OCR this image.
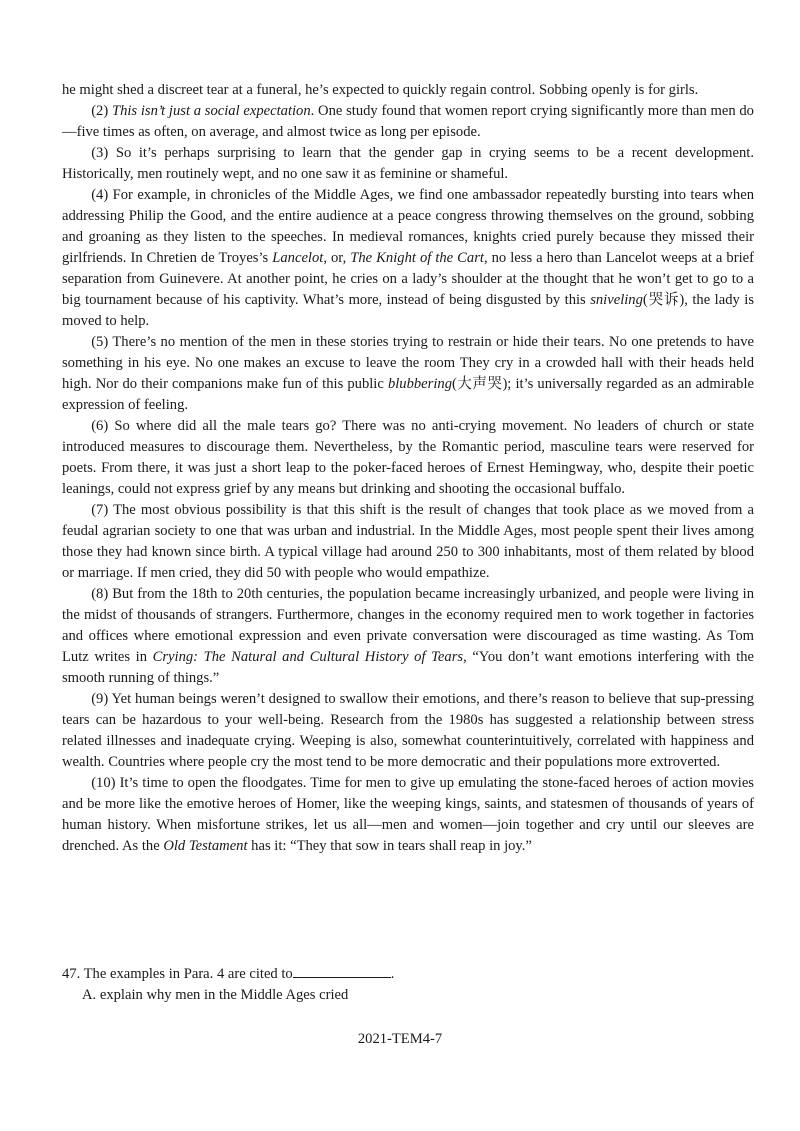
he might shed a discreet tear at a funeral, he’s expected to quickly regain control. Sobbing openly is for girls.

(2) This isn’t just a social expectation. One study found that women report crying significantly more than men do—five times as often, on average, and almost twice as long per episode.

(3) So it’s perhaps surprising to learn that the gender gap in crying seems to be a recent development. Historically, men routinely wept, and no one saw it as feminine or shameful.

(4) For example, in chronicles of the Middle Ages, we find one ambassador repeatedly bursting into tears when addressing Philip the Good, and the entire audience at a peace congress throwing themselves on the ground, sobbing and groaning as they listen to the speeches. In medieval romances, knights cried purely because they missed their girlfriends. In Chretien de Troyes’s Lancelot, or, The Knight of the Cart, no less a hero than Lancelot weeps at a brief separation from Guinevere. At another point, he cries on a lady’s shoulder at the thought that he won’t get to go to a big tournament because of his captivity. What’s more, instead of being disgusted by this sniveling(哭诉), the lady is moved to help.

(5) There’s no mention of the men in these stories trying to restrain or hide their tears. No one pretends to have something in his eye. No one makes an excuse to leave the room They cry in a crowded hall with their heads held high. Nor do their companions make fun of this public blubbering(大声哭); it’s universally regarded as an admirable expression of feeling.

(6) So where did all the male tears go? There was no anti-crying movement. No leaders of church or state introduced measures to discourage them. Nevertheless, by the Romantic period, masculine tears were reserved for poets. From there, it was just a short leap to the poker-faced heroes of Ernest Hemingway, who, despite their poetic leanings, could not express grief by any means but drinking and shooting the occasional buffalo.

(7) The most obvious possibility is that this shift is the result of changes that took place as we moved from a feudal agrarian society to one that was urban and industrial. In the Middle Ages, most people spent their lives among those they had known since birth. A typical village had around 250 to 300 inhabitants, most of them related by blood or marriage. If men cried, they did 50 with people who would empathize.

(8) But from the 18th to 20th centuries, the population became increasingly urbanized, and people were living in the midst of thousands of strangers. Furthermore, changes in the economy required men to work together in factories and offices where emotional expression and even private conversation were discouraged as time wasting. As Tom Lutz writes in Crying: The Natural and Cultural History of Tears, “You don’t want emotions interfering with the smooth running of things.”

(9) Yet human beings weren’t designed to swallow their emotions, and there’s reason to believe that sup-pressing tears can be hazardous to your well-being. Research from the 1980s has suggested a relationship between stress related illnesses and inadequate crying. Weeping is also, somewhat counterintuitively, correlated with happiness and wealth. Countries where people cry the most tend to be more democratic and their populations more extroverted.

(10) It’s time to open the floodgates. Time for men to give up emulating the stone-faced heroes of action movies and be more like the emotive heroes of Homer, like the weeping kings, saints, and statesmen of thousands of years of human history. When misfortune strikes, let us all—men and women—join together and cry until our sleeves are drenched. As the Old Testament has it: “They that sow in tears shall reap in joy.”

47. The examples in Para. 4 are cited to	.

A. explain why men in the Middle Ages cried

2021-TEM4-7
